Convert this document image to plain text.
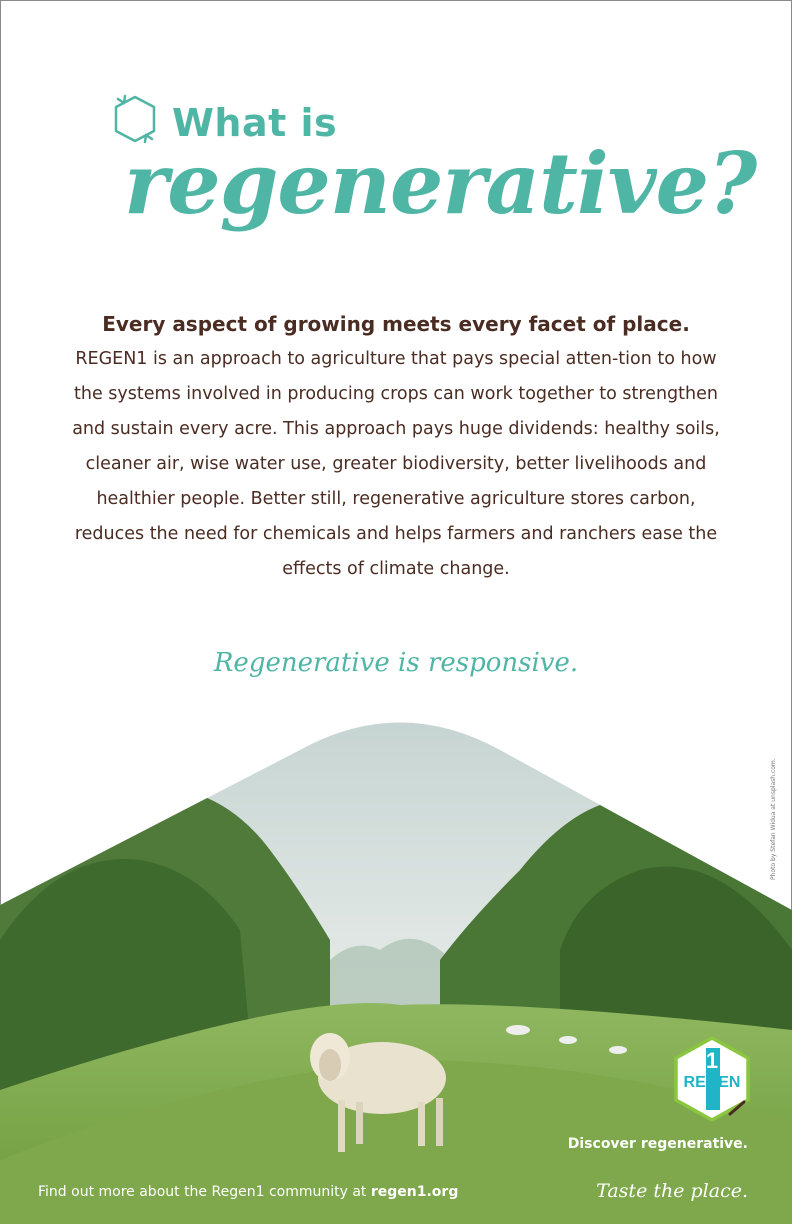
What is
regenerative?
Every aspect of growing meets every facet of place.

REGEN1 is an approach to agriculture that pays special atten-tion to how the systems involved in producing crops can work together to strengthen and sustain every acre. This approach pays huge dividends: healthy soils, cleaner air, wise water use, greater biodiversity, better livelihoods and healthier people. Better still, regenerative agriculture stores carbon, reduces the need for chemicals and helps farmers and ranchers ease the effects of climate change.

Regenerative is responsive.
Photo by Stefan Widua at unsplash.com.
Find out more about the Regen1 community at regen1.org
1
REGEN
Discover regenerative.
Taste the place.
